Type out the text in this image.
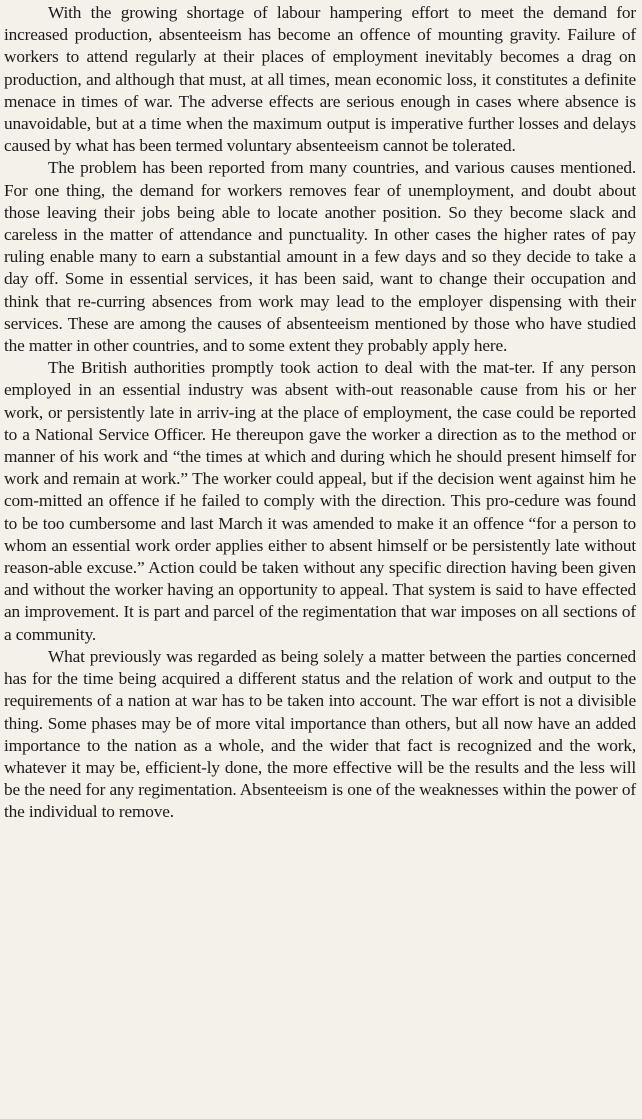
With the growing shortage of labour hampering effort to meet the demand for increased production, absenteeism has become an offence of mounting gravity. Failure of workers to attend regularly at their places of employment inevitably becomes a drag on production, and although that must, at all times, mean economic loss, it constitutes a definite menace in times of war. The adverse effects are serious enough in cases where absence is unavoidable, but at a time when the maximum output is imperative further losses and delays caused by what has been termed voluntary absenteeism cannot be tolerated.

The problem has been reported from many countries, and various causes mentioned. For one thing, the demand for workers removes fear of unemployment, and doubt about those leaving their jobs being able to locate another position. So they become slack and careless in the matter of attendance and punctuality. In other cases the higher rates of pay ruling enable many to earn a substantial amount in a few days and so they decide to take a day off. Some in essential services, it has been said, want to change their occupation and think that re-curring absences from work may lead to the employer dispensing with their services. These are among the causes of absenteeism mentioned by those who have studied the matter in other countries, and to some extent they probably apply here.

The British authorities promptly took action to deal with the mat-ter. If any person employed in an essential industry was absent with-out reasonable cause from his or her work, or persistently late in arriv-ing at the place of employment, the case could be reported to a National Service Officer. He thereupon gave the worker a direction as to the method or manner of his work and “the times at which and during which he should present himself for work and remain at work.” The worker could appeal, but if the decision went against him he com-mitted an offence if he failed to comply with the direction. This pro-cedure was found to be too cumbersome and last March it was amended to make it an offence “for a person to whom an essential work order applies either to absent himself or be persistently late without reason-able excuse.” Action could be taken without any specific direction having been given and without the worker having an opportunity to appeal. That system is said to have effected an improvement. It is part and parcel of the regimentation that war imposes on all sections of a community.

What previously was regarded as being solely a matter between the parties concerned has for the time being acquired a different status and the relation of work and output to the requirements of a nation at war has to be taken into account. The war effort is not a divisible thing. Some phases may be of more vital importance than others, but all now have an added importance to the nation as a whole, and the wider that fact is recognized and the work, whatever it may be, efficient-ly done, the more effective will be the results and the less will be the need for any regimentation. Absenteeism is one of the weaknesses within the power of the individual to remove.
